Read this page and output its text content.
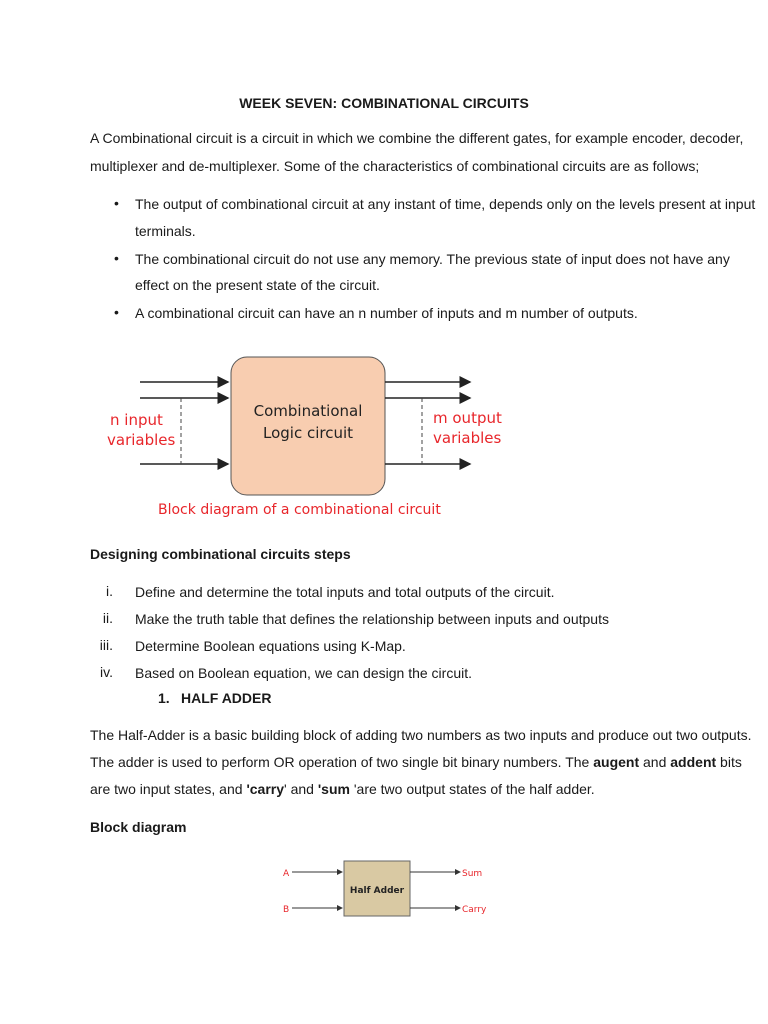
WEEK SEVEN: COMBINATIONAL CIRCUITS
A Combinational circuit is a circuit in which we combine the different gates, for example encoder, decoder,
multiplexer and de-multiplexer. Some of the characteristics of combinational circuits are as follows;
• The output of combinational circuit at any instant of time, depends only on the levels present at input
terminals.
• The combinational circuit do not use any memory. The previous state of input does not have any
effect on the present state of the circuit.
• A combinational circuit can have an n number of inputs and m number of outputs.
Combinational
Logic circuit
n input
variables
m output
variables
Block diagram of a combinational circuit
Designing combinational circuits steps
i. Define and determine the total inputs and total outputs of the circuit.
ii. Make the truth table that defines the relationship between inputs and outputs
iii. Determine Boolean equations using K-Map.
iv. Based on Boolean equation, we can design the circuit.
1. HALF ADDER
The Half-Adder is a basic building block of adding two numbers as two inputs and produce out two outputs.
The adder is used to perform OR operation of two single bit binary numbers. The augent and addent bits
are two input states, and 'carry' and 'sum 'are two output states of the half adder.
Block diagram
Half Adder
A
B
Sum
Carry
